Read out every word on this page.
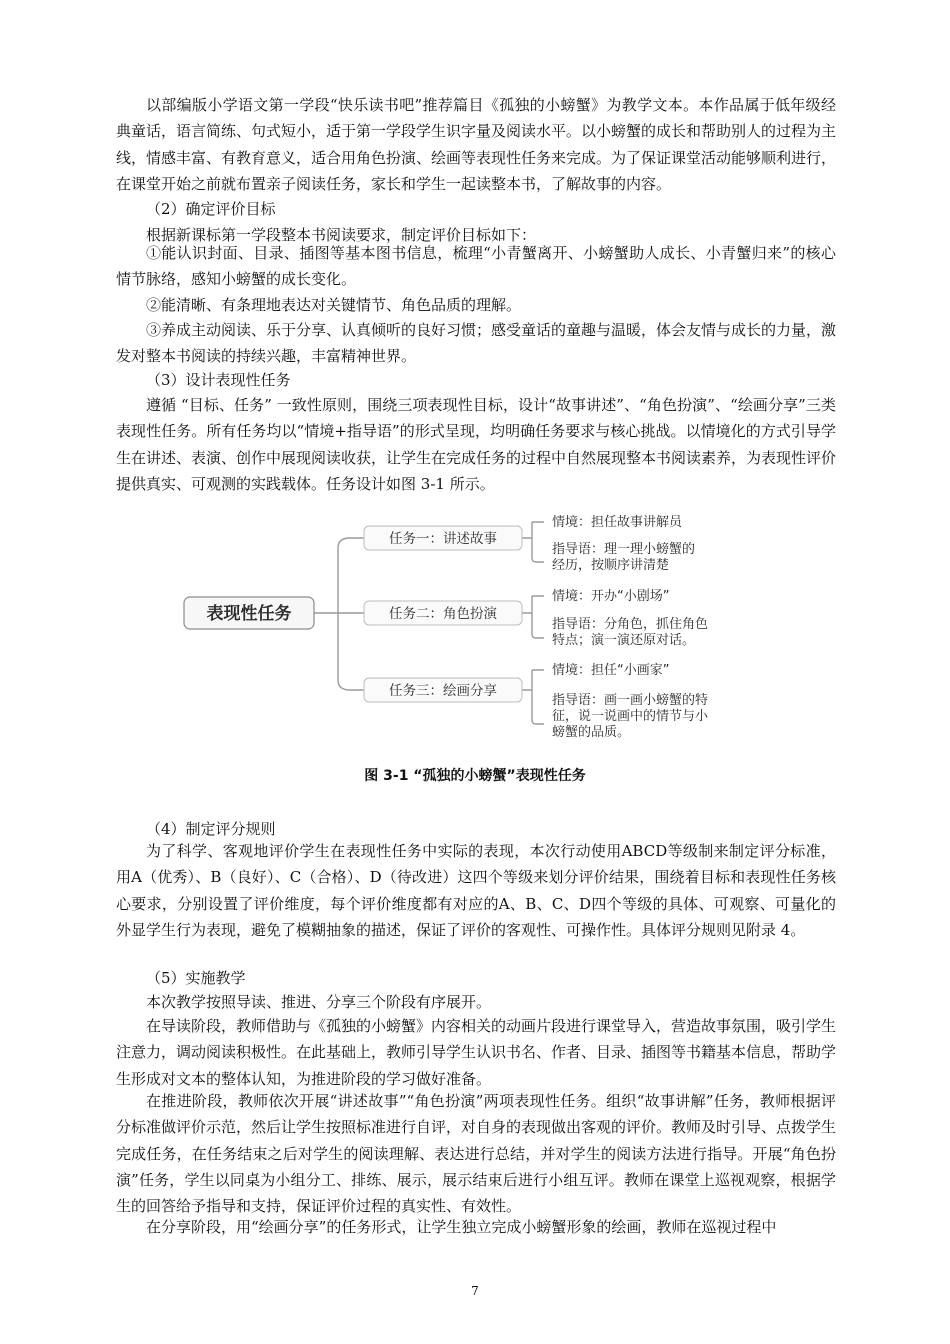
以部编版小学语文第一学段“快乐读书吧”推荐篇目《孤独的小螃蟹》为教学文本。本作品属于低年级经典童话，语言简练、句式短小，适于第一学段学生识字量及阅读水平。以小螃蟹的成长和帮助别人的过程为主线，情感丰富、有教育意义，适合用角色扮演、绘画等表现性任务来完成。为了保证课堂活动能够顺利进行，在课堂开始之前就布置亲子阅读任务，家长和学生一起读整本书，了解故事的内容。

（2）确定评价目标

根据新课标第一学段整本书阅读要求，制定评价目标如下：

①能认识封面、目录、插图等基本图书信息，梳理“小青蟹离开、小螃蟹助人成长、小青蟹归来”的核心情节脉络，感知小螃蟹的成长变化。

②能清晰、有条理地表达对关键情节、角色品质的理解。

③养成主动阅读、乐于分享、认真倾听的良好习惯；感受童话的童趣与温暖，体会友情与成长的力量，激发对整本书阅读的持续兴趣，丰富精神世界。

（3）设计表现性任务

遵循 “目标、任务” 一致性原则，围绕三项表现性目标，设计“故事讲述”、“角色扮演”、“绘画分享”三类表现性任务。所有任务均以“情境+指导语”的形式呈现，均明确任务要求与核心挑战。以情境化的方式引导学生在讲述、表演、创作中展现阅读收获，让学生在完成任务的过程中自然展现整本书阅读素养，为表现性评价提供真实、可观测的实践载体。任务设计如图 3-1 所示。

表现性任务
任务一：讲述故事
情境：担任故事讲解员
指导语：理一理小螃蟹的
经历，按顺序讲清楚
任务二：角色扮演
情境：开办“小剧场”
指导语：分角色，抓住角色
特点；演一演还原对话。
任务三：绘画分享
情境：担任“小画家”
指导语：画一画小螃蟹的特
征，说一说画中的情节与小
螃蟹的品质。
图 3-1 “孤独的小螃蟹”表现性任务

（4）制定评分规则

为了科学、客观地评价学生在表现性任务中实际的表现，本次行动使用ABCD等级制来制定评分标准，用A（优秀）、B（良好）、C（合格）、D（待改进）这四个等级来划分评价结果，围绕着目标和表现性任务核心要求，分别设置了评价维度，每个评价维度都有对应的A、B、C、D四个等级的具体、可观察、可量化的外显学生行为表现，避免了模糊抽象的描述，保证了评价的客观性、可操作性。具体评分规则见附录 4。

（5）实施教学

本次教学按照导读、推进、分享三个阶段有序展开。

在导读阶段，教师借助与《孤独的小螃蟹》内容相关的动画片段进行课堂导入，营造故事氛围，吸引学生注意力，调动阅读积极性。在此基础上，教师引导学生认识书名、作者、目录、插图等书籍基本信息，帮助学生形成对文本的整体认知，为推进阶段的学习做好准备。

在推进阶段，教师依次开展“讲述故事”“角色扮演”两项表现性任务。组织“故事讲解”任务，教师根据评分标准做评价示范，然后让学生按照标准进行自评，对自身的表现做出客观的评价。教师及时引导、点拨学生完成任务，在任务结束之后对学生的阅读理解、表达进行总结，并对学生的阅读方法进行指导。开展“角色扮演”任务，学生以同桌为小组分工、排练、展示，展示结束后进行小组互评。教师在课堂上巡视观察，根据学生的回答给予指导和支持，保证评价过程的真实性、有效性。

在分享阶段，用“绘画分享”的任务形式，让学生独立完成小螃蟹形象的绘画，教师在巡视过程中

7
